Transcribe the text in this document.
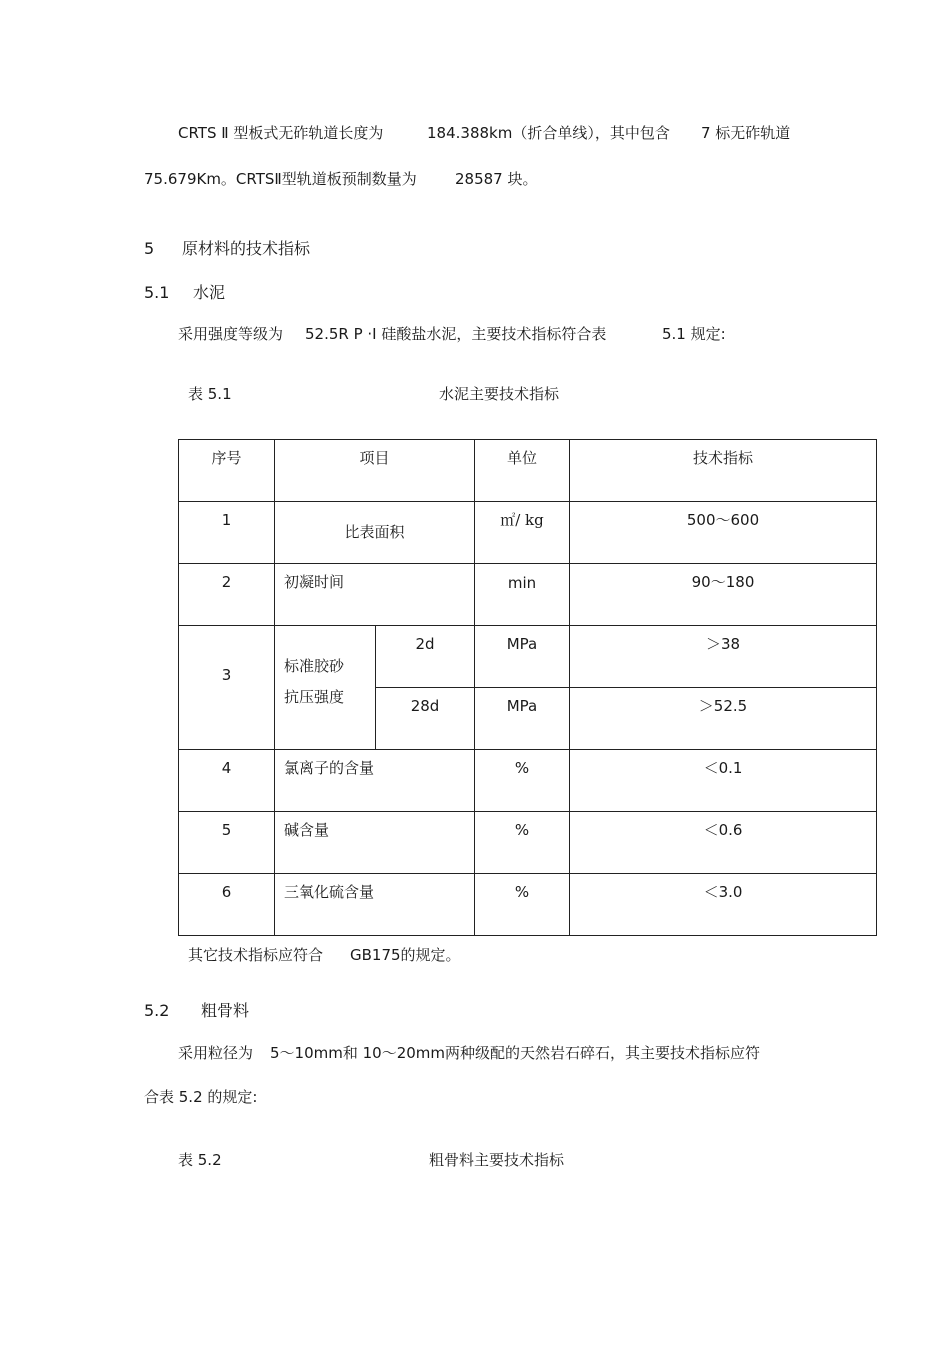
CRTS Ⅱ 型板式无砟轨道长度为	184.388km（折合单线），其中包含 7 标无砟轨道
75.679Km。CRTSⅡ型轨道板预制数量为	28587 块。
5 原材料的技术指标
5.1 水泥
采用强度等级为 52.5R P ·Ⅰ 硅酸盐水泥，主要技术指标符合表	5.1 规定:
表 5.1	水泥主要技术指标
序号	项目		单位	技术指标

1	比表面积		㎡/ kg	500～600

2	初凝时间		min	90～180

3	标准胶砂
抗压强度	2d	MPa	＞38

		28d	MPa	＞52.5

4	氯离子的含量		%	＜0.1

5	碱含量		%	＜0.6

6	三氧化硫含量		%	＜3.0
其它技术指标应符合 GB175的规定。
5.2 粗骨料
采用粒径为 5～10mm和 10～20mm两种级配的天然岩石碎石，其主要技术指标应符
合表 5.2 的规定:
表 5.2	粗骨料主要技术指标
